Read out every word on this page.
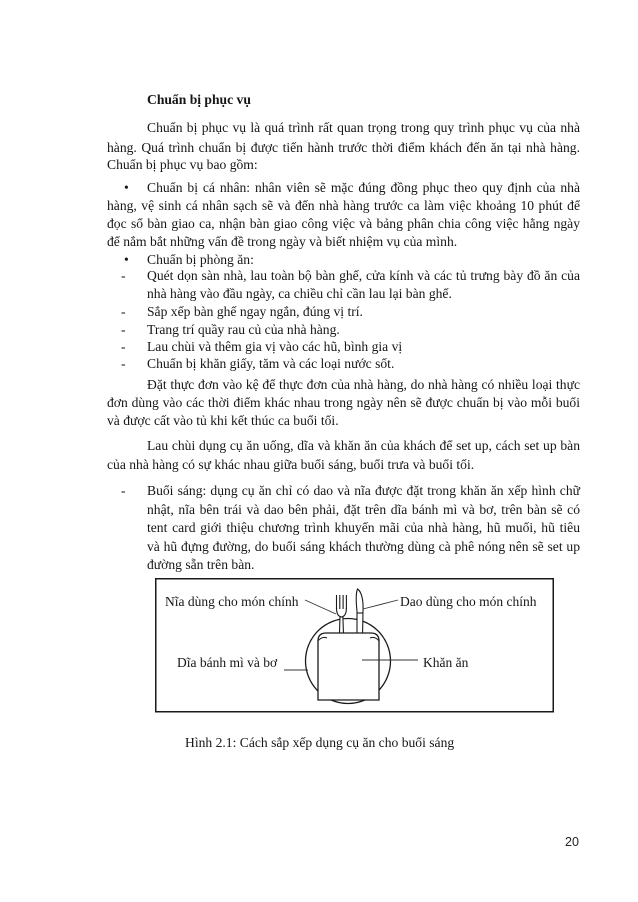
Chuẩn bị phục vụ
Chuẩn bị phục vụ là quá trình rất quan trọng trong quy trình phục vụ của nhà
hàng. Quá trình chuẩn bị được tiến hành trước thời điểm khách đến ăn tại nhà hàng.
Chuẩn bị phục vụ bao gồm:
•	Chuẩn bị cá nhân: nhân viên sẽ mặc đúng đồng phục theo quy định của nhà
hàng, vệ sinh cá nhân sạch sẽ và đến nhà hàng trước ca làm việc khoảng 10 phút để
đọc sổ bàn giao ca, nhận bàn giao công việc và bảng phân chia công việc hằng ngày
để nắm bắt những vấn đề trong ngày và biết nhiệm vụ của mình.
•	Chuẩn bị phòng ăn:
-	Quét dọn sàn nhà, lau toàn bộ bàn ghế, cửa kính và các tủ trưng bày đồ ăn của
nhà hàng vào đầu ngày, ca chiều chỉ cần lau lại bàn ghế.
-	Sắp xếp bàn ghế ngay ngắn, đúng vị trí.
-	Trang trí quầy rau củ của nhà hàng.
-	Lau chùi và thêm gia vị vào các hũ, bình gia vị
-	Chuẩn bị khăn giấy, tăm và các loại nước sốt.
Đặt thực đơn vào kệ để thực đơn của nhà hàng, do nhà hàng có nhiều loại thực
đơn dùng vào các thời điểm khác nhau trong ngày nên sẽ được chuẩn bị vào mỗi buổi
và được cất vào tủ khi kết thúc ca buổi tối.
Lau chùi dụng cụ ăn uống, dĩa và khăn ăn của khách để set up, cách set up bàn
của nhà hàng có sự khác nhau giữa buổi sáng, buổi trưa và buổi tối.
-	Buổi sáng: dụng cụ ăn chỉ có dao và nĩa được đặt trong khăn ăn xếp hình chữ
nhật, nĩa bên trái và dao bên phải, đặt trên dĩa bánh mì và bơ, trên bàn sẽ có
tent card giới thiệu chương trình khuyến mãi của nhà hàng, hũ muối, hũ tiêu
và hũ đựng đường, do buổi sáng khách thường dùng cà phê nóng nên sẽ set up
đường sẵn trên bàn.
Nĩa dùng cho món chính	Dao dùng cho món chính
Dĩa bánh mì và bơ	Khăn ăn
Hình 2.1: Cách sắp xếp dụng cụ ăn cho buổi sáng
20
